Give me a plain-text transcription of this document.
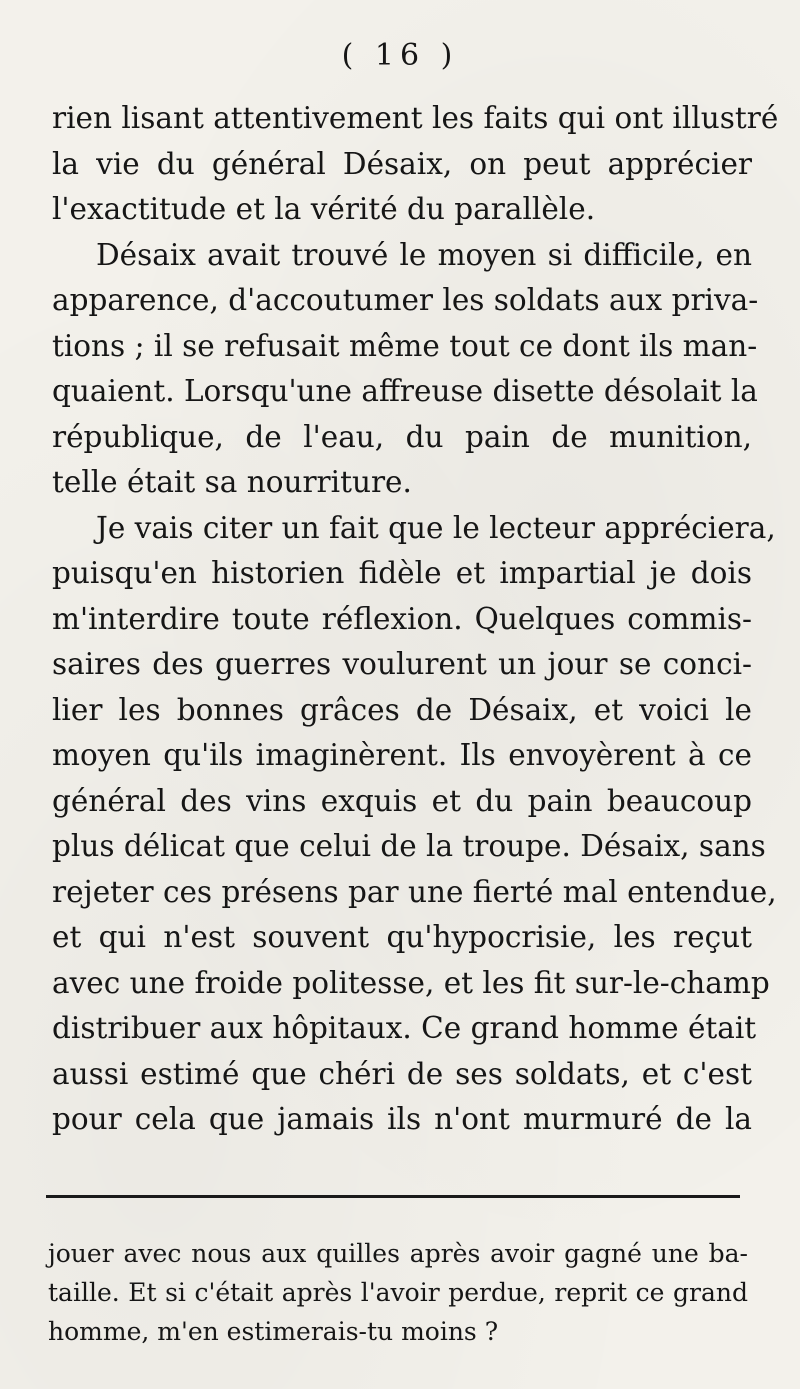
( 16 )
rien lisant attentivement les faits qui ont illustré
la vie du général Désaix, on peut apprécier
l'exactitude et la vérité du parallèle.
Désaix avait trouvé le moyen si difficile, en
apparence, d'accoutumer les soldats aux priva-
tions ; il se refusait même tout ce dont ils man-
quaient. Lorsqu'une affreuse disette désolait la
république, de l'eau, du pain de munition,
telle était sa nourriture.
Je vais citer un fait que le lecteur appréciera,
puisqu'en historien fidèle et impartial je dois
m'interdire toute réflexion. Quelques commis-
saires des guerres voulurent un jour se conci-
lier les bonnes grâces de Désaix, et voici le
moyen qu'ils imaginèrent. Ils envoyèrent à ce
général des vins exquis et du pain beaucoup
plus délicat que celui de la troupe. Désaix, sans
rejeter ces présens par une fierté mal entendue,
et qui n'est souvent qu'hypocrisie, les reçut
avec une froide politesse, et les fit sur-le-champ
distribuer aux hôpitaux. Ce grand homme était
aussi estimé que chéri de ses soldats, et c'est
pour cela que jamais ils n'ont murmuré de la
jouer avec nous aux quilles après avoir gagné une ba-
taille. Et si c'était après l'avoir perdue, reprit ce grand
homme, m'en estimerais-tu moins ?
